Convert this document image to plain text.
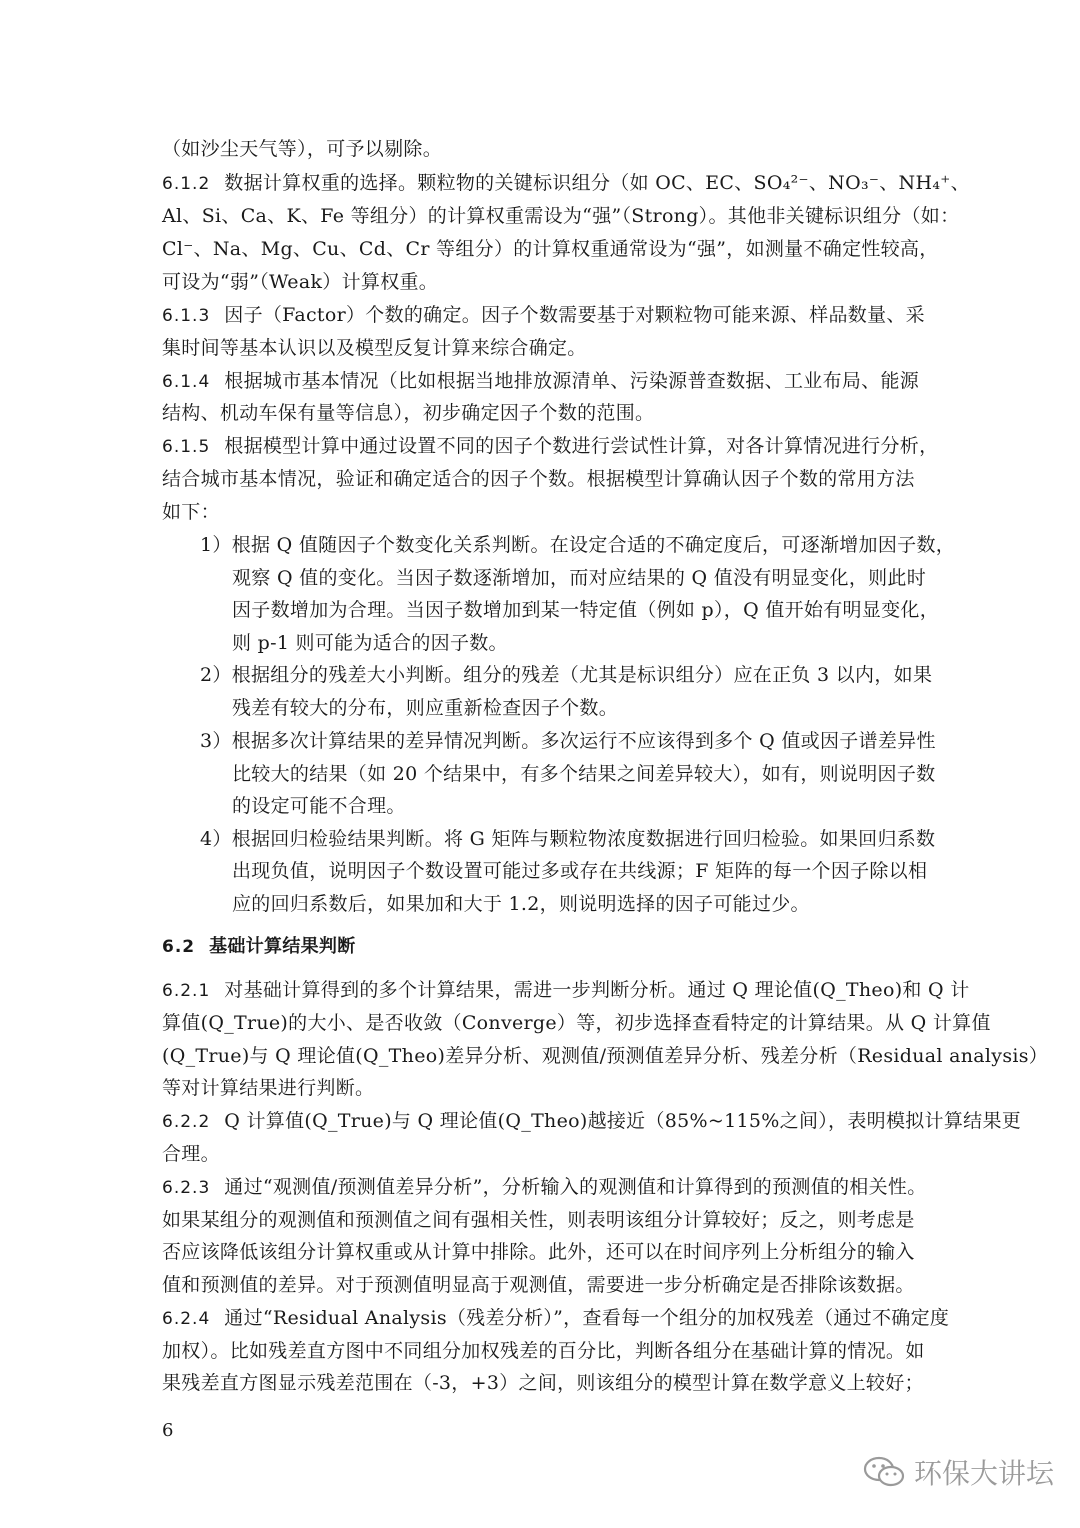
（如沙尘天气等），可予以剔除。
6.1.2 数据计算权重的选择。颗粒物的关键标识组分（如 OC、EC、SO₄²⁻、NO₃⁻、NH₄⁺、
Al、Si、Ca、K、Fe 等组分）的计算权重需设为“强”（Strong）。其他非关键标识组分（如：
Cl⁻、Na、Mg、Cu、Cd、Cr 等组分）的计算权重通常设为“强”，如测量不确定性较高，
可设为“弱”（Weak）计算权重。
6.1.3 因子（Factor）个数的确定。因子个数需要基于对颗粒物可能来源、样品数量、采
集时间等基本认识以及模型反复计算来综合确定。
6.1.4 根据城市基本情况（比如根据当地排放源清单、污染源普查数据、工业布局、能源
结构、机动车保有量等信息），初步确定因子个数的范围。
6.1.5 根据模型计算中通过设置不同的因子个数进行尝试性计算，对各计算情况进行分析，
结合城市基本情况，验证和确定适合的因子个数。根据模型计算确认因子个数的常用方法
如下：
1）根据 Q 值随因子个数变化关系判断。在设定合适的不确定度后，可逐渐增加因子数，
观察 Q 值的变化。当因子数逐渐增加，而对应结果的 Q 值没有明显变化，则此时
因子数增加为合理。当因子数增加到某一特定值（例如 p），Q 值开始有明显变化，
则 p-1 则可能为适合的因子数。
2）根据组分的残差大小判断。组分的残差（尤其是标识组分）应在正负 3 以内，如果
残差有较大的分布，则应重新检查因子个数。
3）根据多次计算结果的差异情况判断。多次运行不应该得到多个 Q 值或因子谱差异性
比较大的结果（如 20 个结果中，有多个结果之间差异较大），如有，则说明因子数
的设定可能不合理。
4）根据回归检验结果判断。将 G 矩阵与颗粒物浓度数据进行回归检验。如果回归系数
出现负值，说明因子个数设置可能过多或存在共线源；F 矩阵的每一个因子除以相
应的回归系数后，如果加和大于 1.2，则说明选择的因子可能过少。
6.2 基础计算结果判断
6.2.1 对基础计算得到的多个计算结果，需进一步判断分析。通过 Q 理论值(Q_Theo)和 Q 计
算值(Q_True)的大小、是否收敛（Converge）等，初步选择查看特定的计算结果。从 Q 计算值
(Q_True)与 Q 理论值(Q_Theo)差异分析、观测值/预测值差异分析、残差分析（Residual analysis）
等对计算结果进行判断。
6.2.2 Q 计算值(Q_True)与 Q 理论值(Q_Theo)越接近（85%~115%之间），表明模拟计算结果更
合理。
6.2.3 通过“观测值/预测值差异分析”，分析输入的观测值和计算得到的预测值的相关性。
如果某组分的观测值和预测值之间有强相关性，则表明该组分计算较好；反之，则考虑是
否应该降低该组分计算权重或从计算中排除。此外，还可以在时间序列上分析组分的输入
值和预测值的差异。对于预测值明显高于观测值，需要进一步分析确定是否排除该数据。
6.2.4 通过“Residual Analysis（残差分析）”，查看每一个组分的加权残差（通过不确定度
加权）。比如残差直方图中不同组分加权残差的百分比，判断各组分在基础计算的情况。如
果残差直方图显示残差范围在（-3，+3）之间，则该组分的模型计算在数学意义上较好；
6
环保大讲坛
